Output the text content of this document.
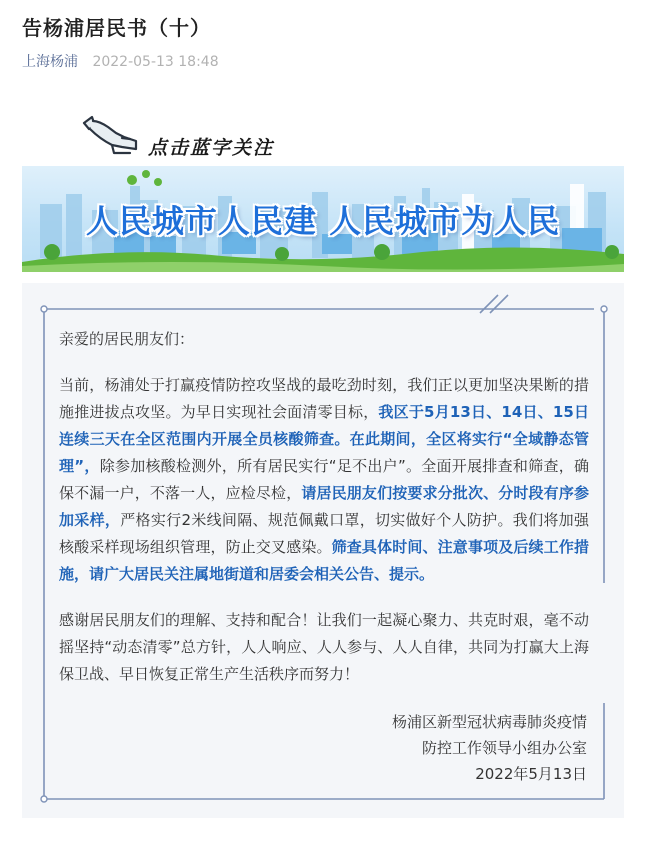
告杨浦居民书（十）
上海杨浦 2022-05-13 18:48
点击蓝字关注
人民城市人民建 人民城市为人民

亲爱的居民朋友们：

当前，杨浦处于打赢疫情防控攻坚战的最吃劲时刻，我们正以更加坚决果断的措施推进拔点攻坚。为早日实现社会面清零目标，我区于5月13日、14日、15日连续三天在全区范围内开展全员核酸筛查。在此期间，全区将实行“全域静态管理”，除参加核酸检测外，所有居民实行“足不出户”。全面开展排查和筛查，确保不漏一户，不落一人，应检尽检，请居民朋友们按要求分批次、分时段有序参加采样，严格实行2米线间隔、规范佩戴口罩，切实做好个人防护。我们将加强核酸采样现场组织管理，防止交叉感染。筛查具体时间、注意事项及后续工作措施，请广大居民关注属地街道和居委会相关公告、提示。

感谢居民朋友们的理解、支持和配合！让我们一起凝心聚力、共克时艰，毫不动摇坚持“动态清零”总方针，人人响应、人人参与、人人自律，共同为打赢大上海保卫战、早日恢复正常生产生活秩序而努力！

杨浦区新型冠状病毒肺炎疫情
防控工作领导小组办公室
2022年5月13日
